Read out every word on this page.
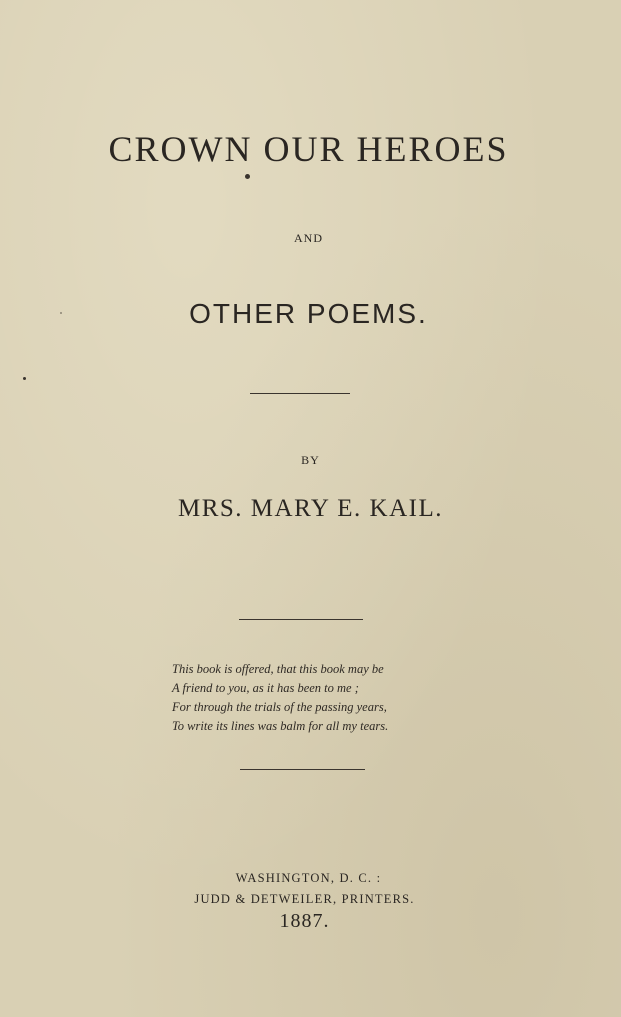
CROWN OUR HEROES
AND
OTHER POEMS.
BY
MRS. MARY E. KAIL.
This book is offered, that this book may be
A friend to you, as it has been to me ;
For through the trials of the passing years,
To write its lines was balm for all my tears.
WASHINGTON, D. C. :
JUDD & DETWEILER, PRINTERS.
1887.
